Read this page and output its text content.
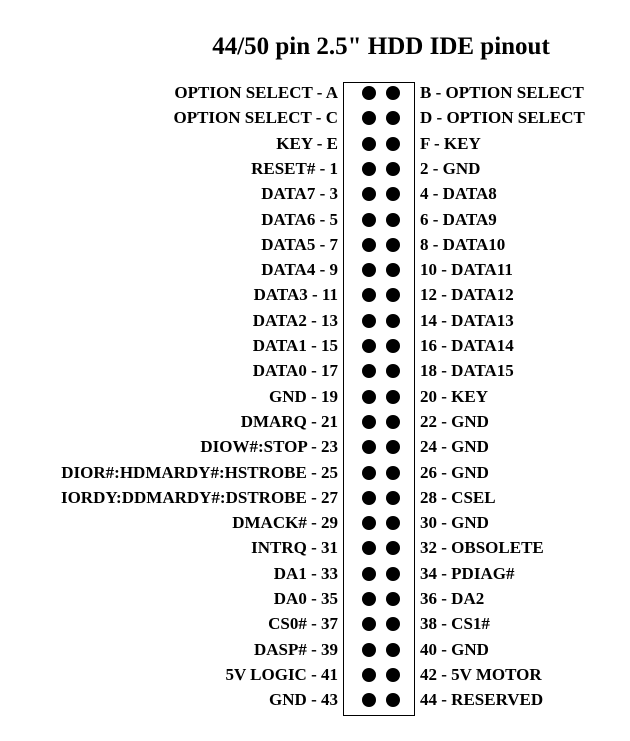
44/50 pin 2.5" HDD IDE pinout
OPTION SELECT - A	B - OPTION SELECT
OPTION SELECT - C	D - OPTION SELECT
KEY - E	F - KEY
RESET# - 1	2 - GND
DATA7 - 3	4 - DATA8
DATA6 - 5	6 - DATA9
DATA5 - 7	8 - DATA10
DATA4 - 9	10 - DATA11
DATA3 - 11	12 - DATA12
DATA2 - 13	14 - DATA13
DATA1 - 15	16 - DATA14
DATA0 - 17	18 - DATA15
GND - 19	20 - KEY
DMARQ - 21	22 - GND
DIOW#:STOP - 23	24 - GND
DIOR#:HDMARDY#:HSTROBE - 25	26 - GND
IORDY:DDMARDY#:DSTROBE - 27	28 - CSEL
DMACK# - 29	30 - GND
INTRQ - 31	32 - OBSOLETE
DA1 - 33	34 - PDIAG#
DA0 - 35	36 - DA2
CS0# - 37	38 - CS1#
DASP# - 39	40 - GND
5V LOGIC - 41	42 - 5V MOTOR
GND - 43	44 - RESERVED
